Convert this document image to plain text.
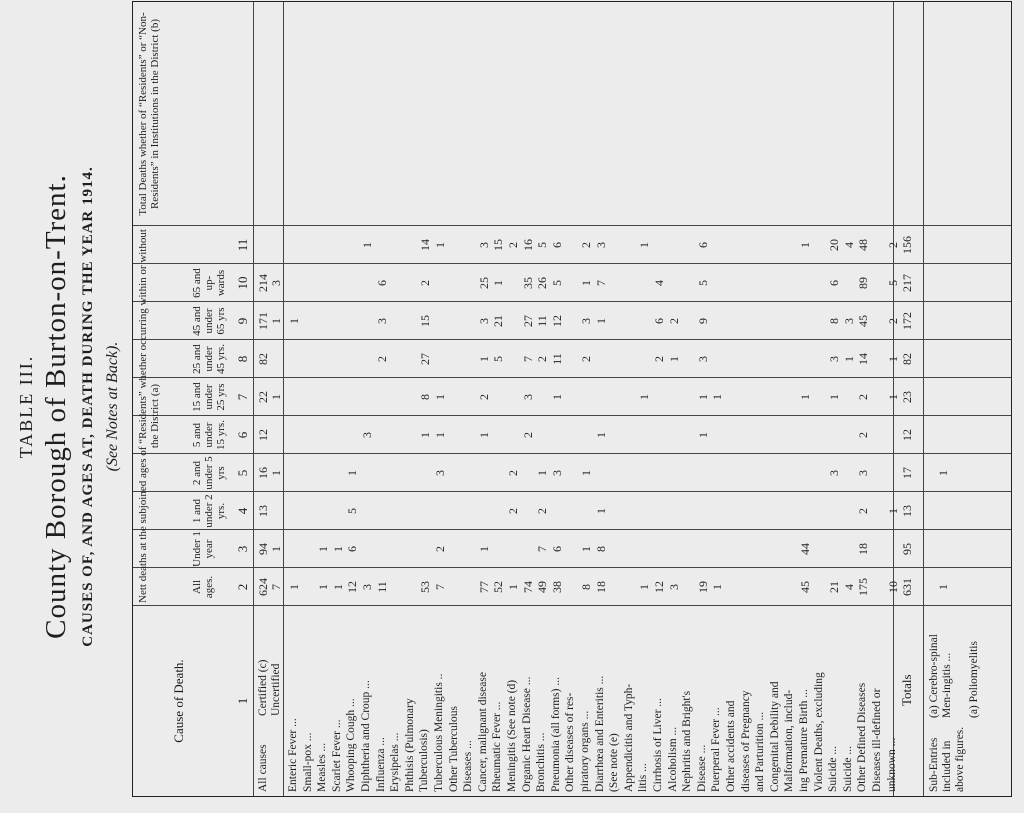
TABLE III. County Borough of Burton-on-Trent. CAUSES OF, AND AGES AT, DEATH DURING THE YEAR 1914. (See Notes at Back).
Cause of Death.
Nett deaths at the subjoined ages of “Residents” whether occurring within or without the District (a)
Total Deaths whether of “Residents” or “Non-Residents” in Institutions in the District (b)
All causes
Certified (c) Uncertified	Totals
Sub-Entries included in above figures.
All ages.
Under 1 year
1 and under 2 yrs.
2 and under 5 yrs
5 and under 15 yrs.
15 and under 25 yrs
25 and under 45 yrs.
45 and under 65 yrs
65 and up-wards
1
2
3
4
5
6
7
8
9
10
11
624
94
13
16
12
22
82
171
214
7
1
1
1
1
3
Enteric Fever ...
1
1
Small-pox ... Measles ...
1
1
Scarlet Fever ...
1
1
Whooping Cough ...
12
6
5
1
Diphtheria and Croup ...
3
3
1
Influenza ...
11
2
3
6
Erysipelas ... Phthisis (Pulmonary Tuberculosis)
53
1
8
27
15
2
14
Tuberculous Meningitis ..
7
2
3
1
1
1
Other Tuberculous Diseases ... Cancer, malignant disease
77
1
1
2
1
3
25
3
Rheumatic Fever ...
52
5
21
1
15
Meningitis (See note (d)
1
2
2
2
Organic Heart Disease ...
74
2
3
7
27
35
16
Bronchitis ...
49
7
2
1
2
11
26
5
Pneumonia (all forms) ...
38
6
3
1
11
12
5
6
Other diseases of res- piratory organs ...
8
1
1
2
3
1
2
Diarrhœa and Enteritis ...
18
8
1
1
1
7
3
(See note (e) Appendicitis and Typh- litis ...
1
1
1
Cirrhosis of Liver ...
12
2
6
4
Alcoholism ...
3
1
2
Nephritis and Bright's Disease ...
19
1
1
3
9
5
6
Puerperal Fever ...
1
1
Other accidents and diseases of Pregnancy and Parturition ... Congenital Debility and Malformation, includ- ing Premature Birth ...
45
44
1
1
Violent Deaths, excluding Suicide ...
21
3
1
3
8
6
20
Suicide ...
4
1
3
4
Other Defined Diseases
175
18
2
3
2
2
14
45
89
48
Diseases ill-defined or unknown ...
10
1
1
1
2
5
2
631
95
13
17
12
23
82
172
217
156
(a) Cerebro-spinal Men-ingitis ...
1
1
(a) Poliomyelitis
